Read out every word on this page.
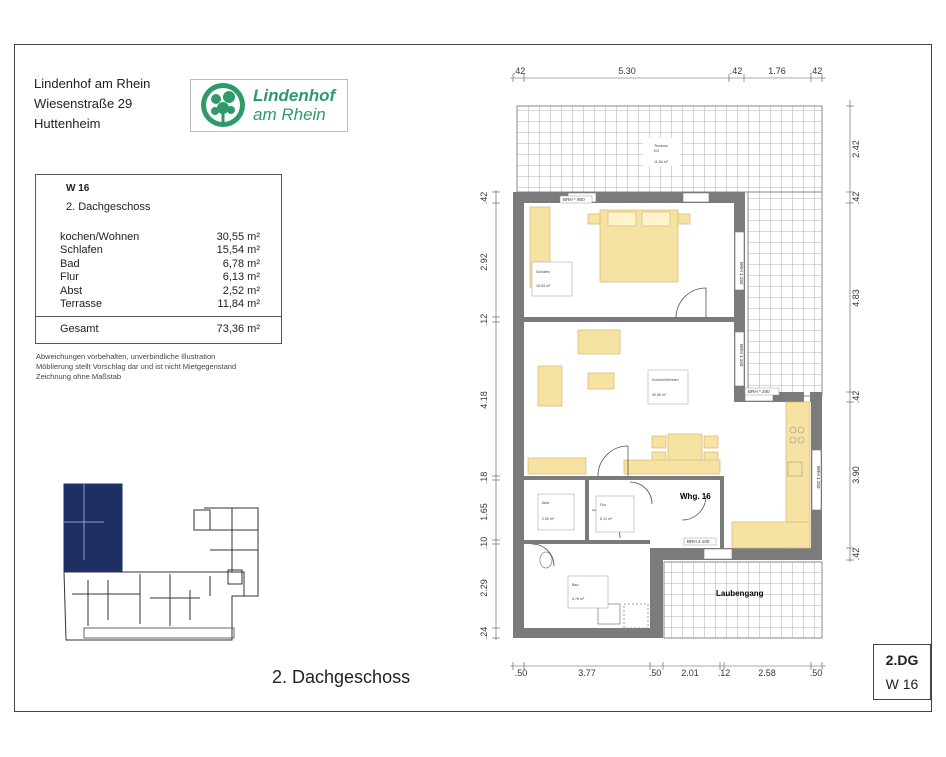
Lindenhof am Rhein
Wiesenstraße 29
Huttenheim
Lindenhof
am Rhein
W 16
2. Dachgeschoss
kochen/Wohnen	30,55 m²
Schlafen	15,54 m²
Bad	6,78 m²
Flur	6,13 m²
Abst	2,52 m²
Terrasse	11,84 m²
Gesamt	73,36 m²
Abweichungen vorbehalten, unverbindliche Illustration
Möblierung stellt Vorschlag dar und ist nicht Mietgegenstand
Zeichnung ohne Maßstab
Terrasse
EG
11,84 m²
Schlafen
15,54 m²
Kochen/Wohnen
30,55 m²
Abst
2,52 m²
Flur
6,13 m²
Bad
6,78 m²
Whg. 16
Laubengang
BRH * 900
BRH * 200
BRH 2.100
BRH 1.150
BRH 1.150
BRH 1.150
.42	5.30	.42	1.76	.42
.50	3.77	.50 2.01 .12	2.58	.50
.42
2.92
.12
4.18
.18
1.65
.10
2.29
.24
2.42
.42
4.83
.42
3.90
.42
2. Dachgeschoss
2.DG
W 16
